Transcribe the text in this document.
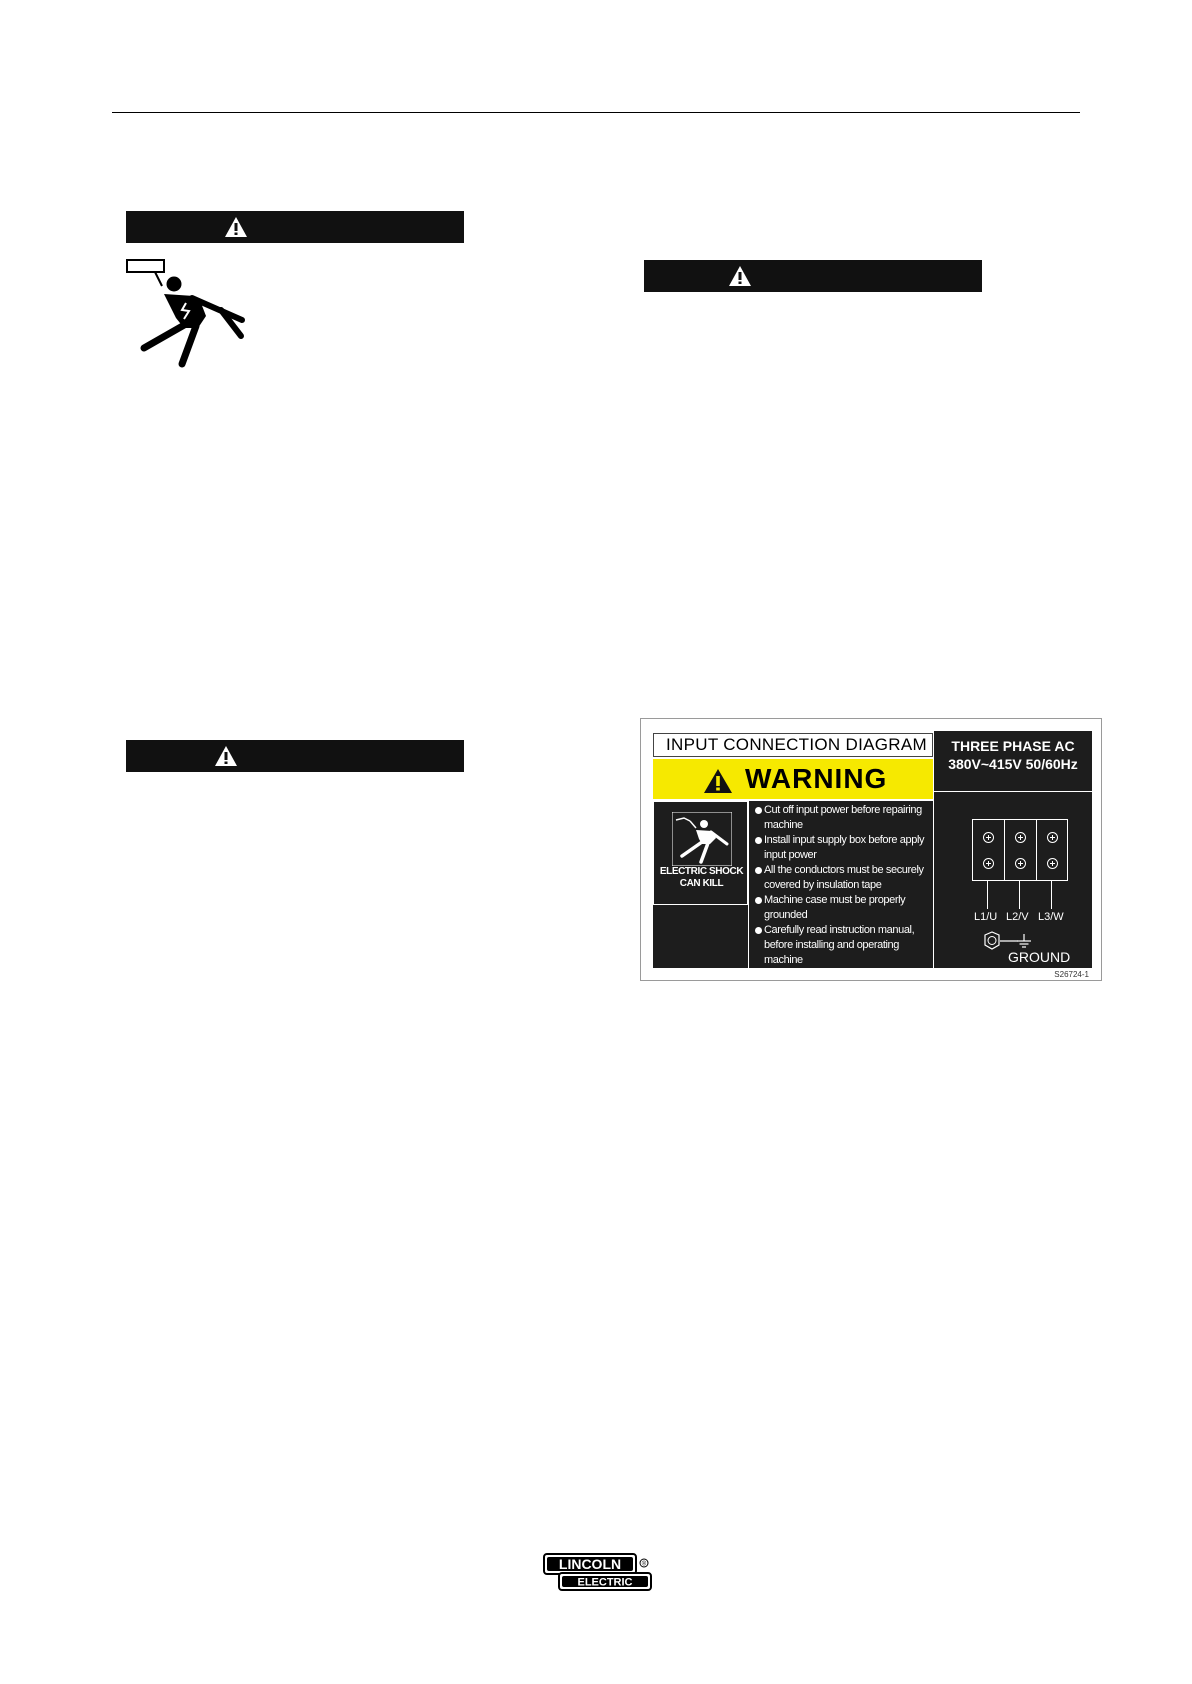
INPUT CONNECTION DIAGRAM
WARNING
ELECTRIC SHOCK
CAN KILL
Cut off input power before repairing machine
Install input supply box before apply input power
All the conductors must be securely covered by insulation tape
Machine case must be properly grounded
Carefully read instruction manual, before installing and operating machine
THREE PHASE AC
380V~415V 50/60Hz
L1/U L2/V L3/W
GROUND
S26724-1
LINCOLN
ELECTRIC
®
